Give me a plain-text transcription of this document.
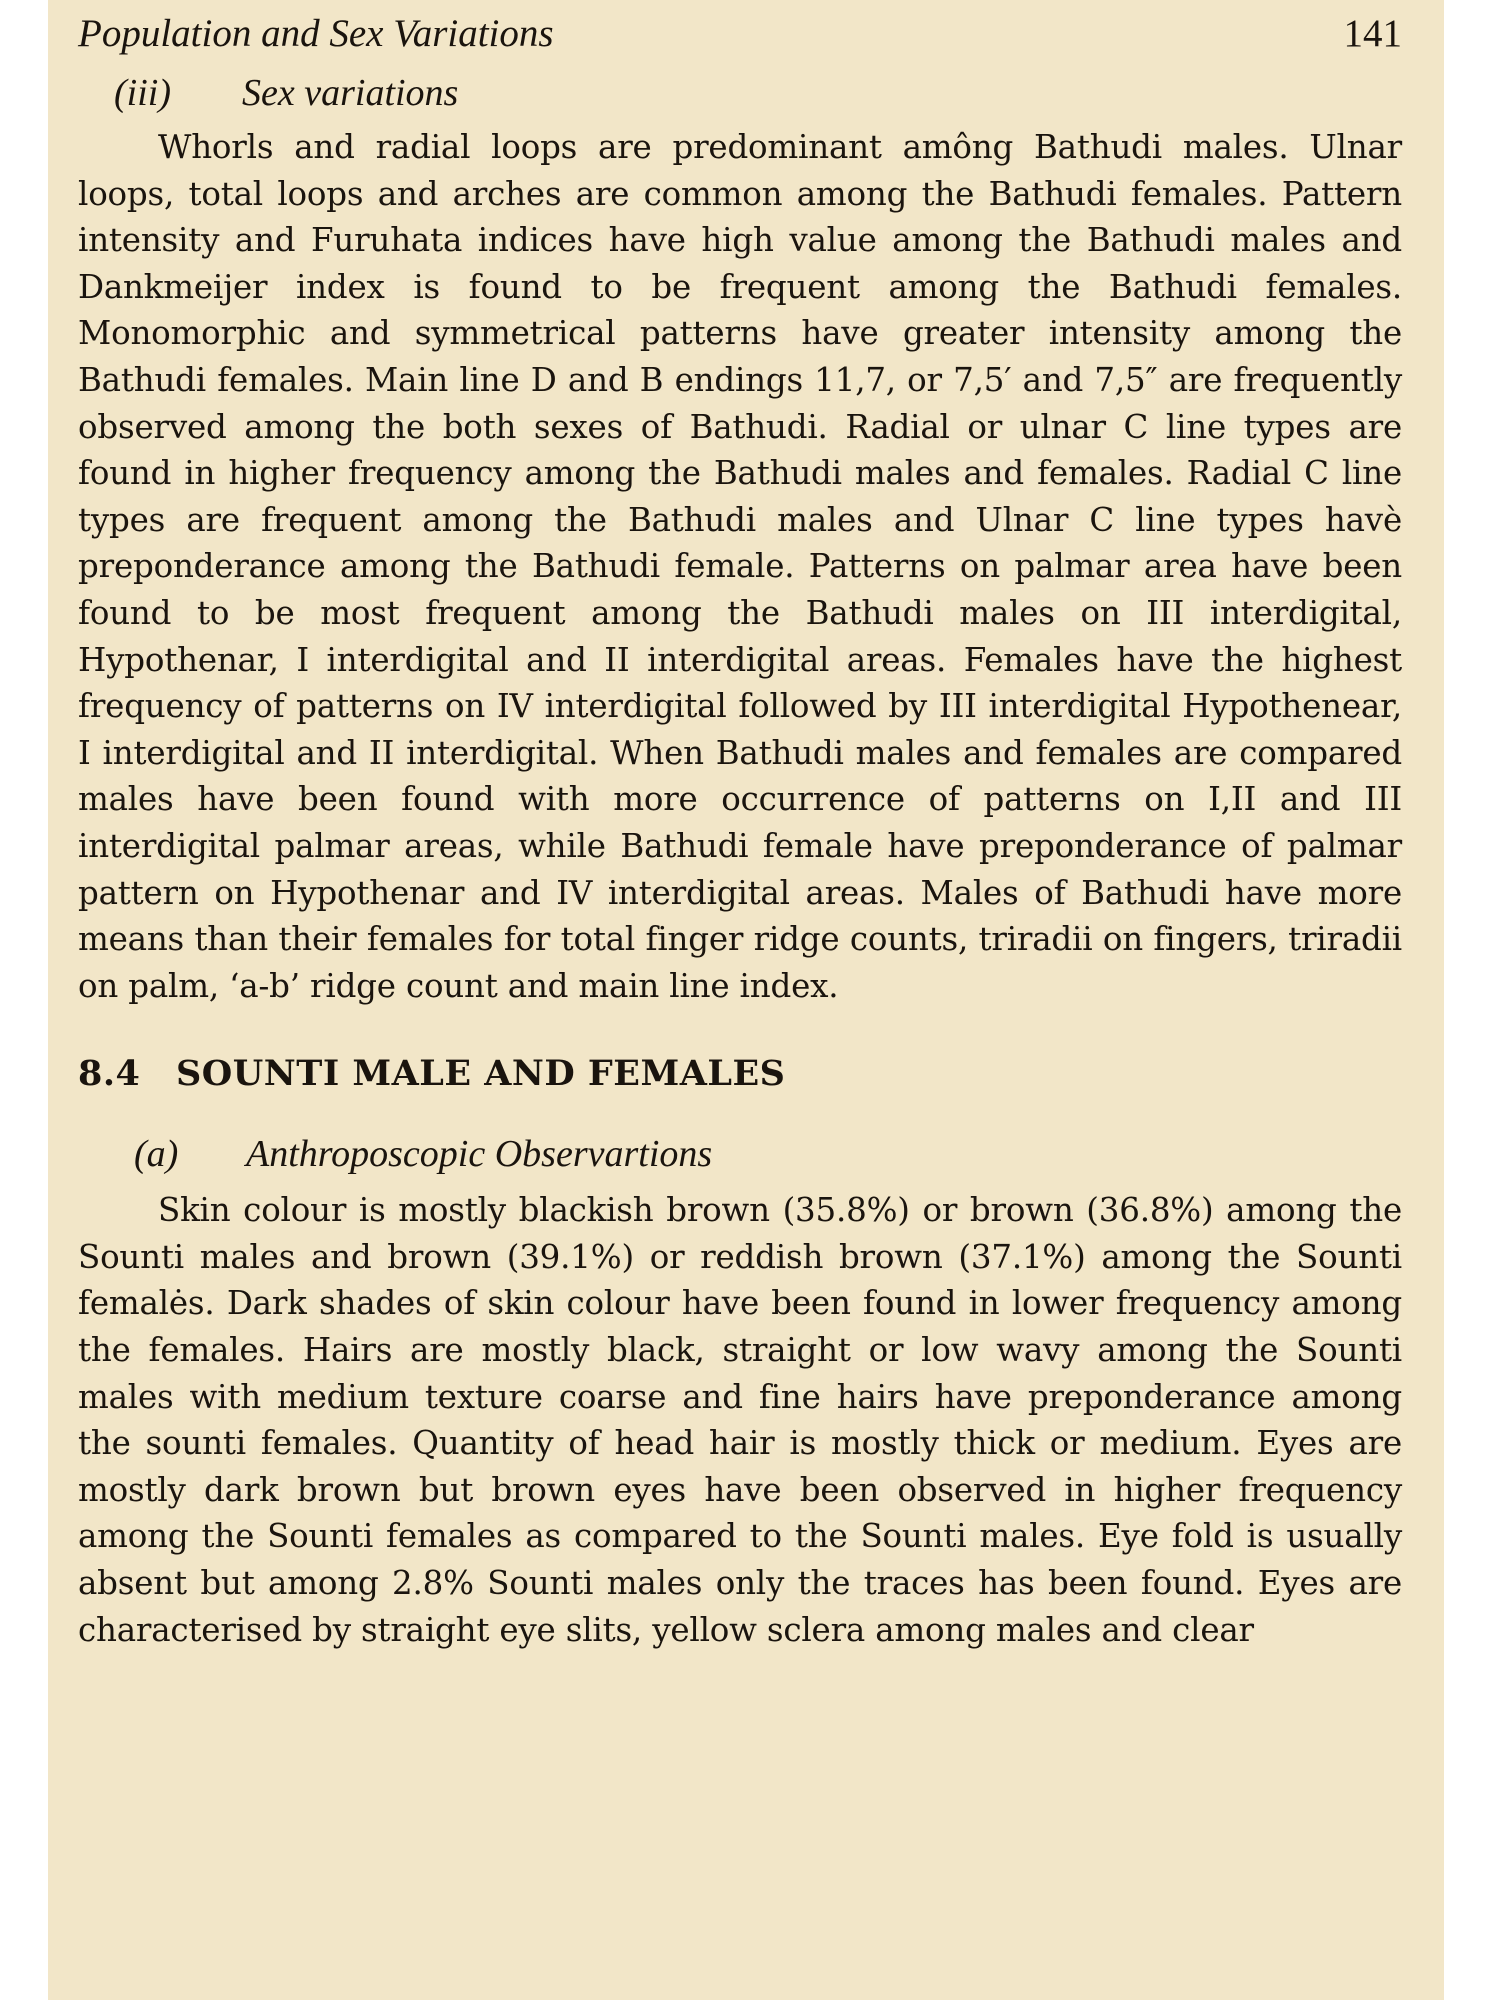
Population and Sex Variations	141
(iii) Sex variations

Whorls and radial loops are predominant amông Bathudi males. Ulnar loops, total loops and arches are common among the Bathudi females. Pattern intensity and Furuhata indices have high value among the Bathudi males and Dankmeijer index is found to be frequent among the Bathudi females. Monomorphic and symmetrical patterns have greater intensity among the Bathudi females. Main line D and B endings 11,7, or 7,5′ and 7,5″ are frequently observed among the both sexes of Bathudi. Radial or ulnar C line types are found in higher frequency among the Bathudi males and females. Radial C line types are frequent among the Bathudi males and Ulnar C line types havè preponderance among the Bathudi female. Patterns on palmar area have been found to be most frequent among the Bathudi males on III interdigital, Hypothenar, I interdigital and II interdigital areas. Females have the highest frequency of patterns on IV interdigital followed by III interdigital Hypothenear, I interdigital and II interdigital. When Bathudi males and females are compared males have been found with more occurrence of patterns on I,II and III interdigital palmar areas, while Bathudi female have preponderance of palmar pattern on Hypothenar and IV interdigital areas. Males of Bathudi have more means than their females for total finger ridge counts, triradii on fingers, triradii on palm, ‘a-b’ ridge count and main line index.

8.4 SOUNTI MALE AND FEMALES
(a) Anthroposcopic Observartions

Skin colour is mostly blackish brown (35.8%) or brown (36.8%) among the Sounti males and brown (39.1%) or reddish brown (37.1%) among the Sounti femalės. Dark shades of skin colour have been found in lower frequency among the females. Hairs are mostly black, straight or low wavy among the Sounti males with medium texture coarse and fine hairs have preponderance among the sounti females. Quantity of head hair is mostly thick or medium. Eyes are mostly dark brown but brown eyes have been observed in higher frequency among the Sounti females as compared to the Sounti males. Eye fold is usually absent but among 2.8% Sounti males only the traces has been found. Eyes are characterised by straight eye slits, yellow sclera among males and clear
